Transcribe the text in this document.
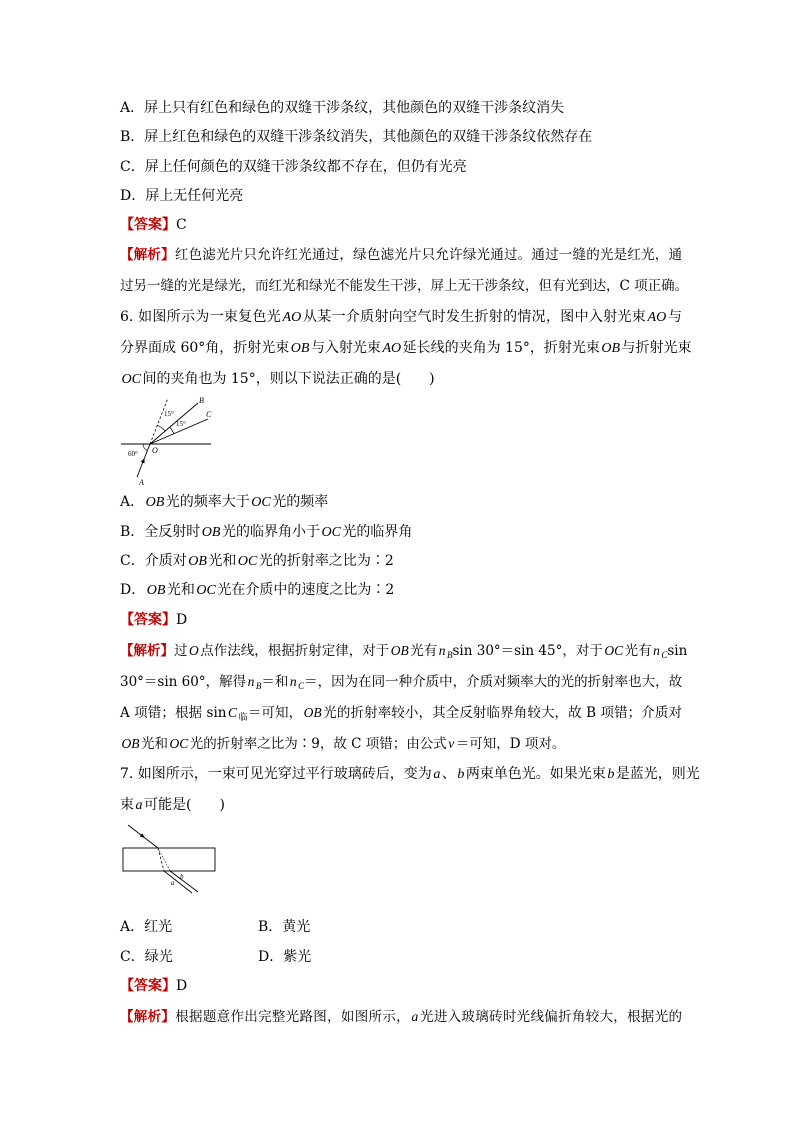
A．屏上只有红色和绿色的双缝干涉条纹，其他颜色的双缝干涉条纹消失
B．屏上红色和绿色的双缝干涉条纹消失，其他颜色的双缝干涉条纹依然存在
C．屏上任何颜色的双缝干涉条纹都不存在，但仍有光亮
D．屏上无任何光亮
【答案】C
【解析】红色滤光片只允许红光通过，绿色滤光片只允许绿光通过。通过一缝的光是红光，通
过另一缝的光是绿光，而红光和绿光不能发生干涉，屏上无干涉条纹，但有光到达，C 项正确。
6. 如图所示为一束复色光 AO 从某一介质射向空气时发生折射的情况，图中入射光束 AO 与
分界面成 60°角，折射光束 OB 与入射光束 AO 延长线的夹角为 15°，折射光束 OB 与折射光束
OC 间的夹角也为 15°，则以下说法正确的是(　　)
B
C
15°
15°
O
60°
A
A． OB 光的频率大于 OC 光的频率
B．全反射时 OB 光的临界角小于 OC 光的临界角
C．介质对 OB 光和 OC 光的折射率之比为∶2
D． OB 光和 OC 光在介质中的速度之比为∶2
【答案】D
【解析】过 O 点作法线，根据折射定律，对于 OB 光有 n $_B$sin 30°＝sin 45°，对于 OC 光有 n $_C$sin
30°＝sin 60°，解得 n $_B$＝和 n $_C$＝，因为在同一种介质中，介质对频率大的光的折射率也大，故
A 项错；根据 sin C $_临$＝可知， OB 光的折射率较小，其全反射临界角较大，故 B 项错；介质对
OB 光和 OC 光的折射率之比为∶9，故 C 项错；由公式 v ＝可知，D 项对。
7. 如图所示，一束可见光穿过平行玻璃砖后，变为 a 、 b 两束单色光。如果光束 b 是蓝光，则光
束 a 可能是(　　)
b
a
A．红光	B．黄光
C．绿光	D．紫光
【答案】D
【解析】根据题意作出完整光路图，如图所示， a 光进入玻璃砖时光线偏折角较大，根据光的
